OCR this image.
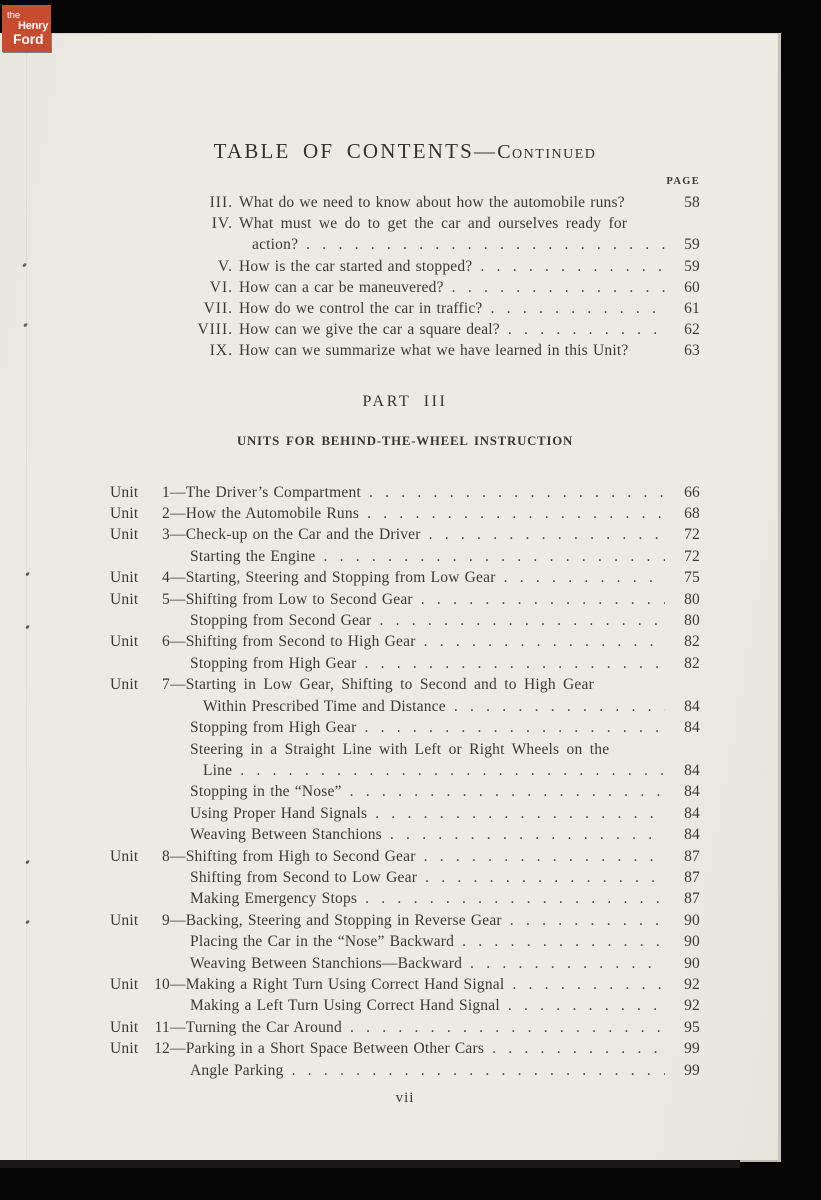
TABLE OF CONTENTS—Continued
PAGE
III. What do we need to know about how the automobile runs?	58
IV. What must we do to get the car and ourselves ready for
action? . . .	59
V. How is the car started and stopped? . . .	59
VI. How can a car be maneuvered? . . .	60
VII. How do we control the car in traffic? . . .	61
VIII. How can we give the car a square deal? . . .	62
IX. How can we summarize what we have learned in this Unit?	63
PART III
UNITS FOR BEHIND-THE-WHEEL INSTRUCTION
Unit 1 —The Driver’s Compartment . . .	66
Unit 2 —How the Automobile Runs . . .	68
Unit 3 —Check-up on the Car and the Driver . . .	72
Starting the Engine . . .	72
Unit 4 —Starting, Steering and Stopping from Low Gear . . .	75
Unit 5 —Shifting from Low to Second Gear . . .	80
Stopping from Second Gear . . .	80
Unit 6 —Shifting from Second to High Gear . . .	82
Stopping from High Gear . . .	82
Unit 7 —Starting in Low Gear, Shifting to Second and to High Gear
Within Prescribed Time and Distance . . .	84
Stopping from High Gear . . .	84
Steering in a Straight Line with Left or Right Wheels on the
Line . . .	84
Stopping in the “Nose” . . .	84
Using Proper Hand Signals . . .	84
Weaving Between Stanchions . . .	84
Unit 8 —Shifting from High to Second Gear . . .	87
Shifting from Second to Low Gear . . .	87
Making Emergency Stops . . .	87
Unit 9 —Backing, Steering and Stopping in Reverse Gear . . .	90
Placing the Car in the “Nose” Backward . . .	90
Weaving Between Stanchions—Backward . . .	90
Unit 10 —Making a Right Turn Using Correct Hand Signal . . .	92
Making a Left Turn Using Correct Hand Signal . . .	92
Unit 11 —Turning the Car Around . . .	95
Unit 12 —Parking in a Short Space Between Other Cars . . .	99
Angle Parking . . .	99
vii
the
Henry
Ford
